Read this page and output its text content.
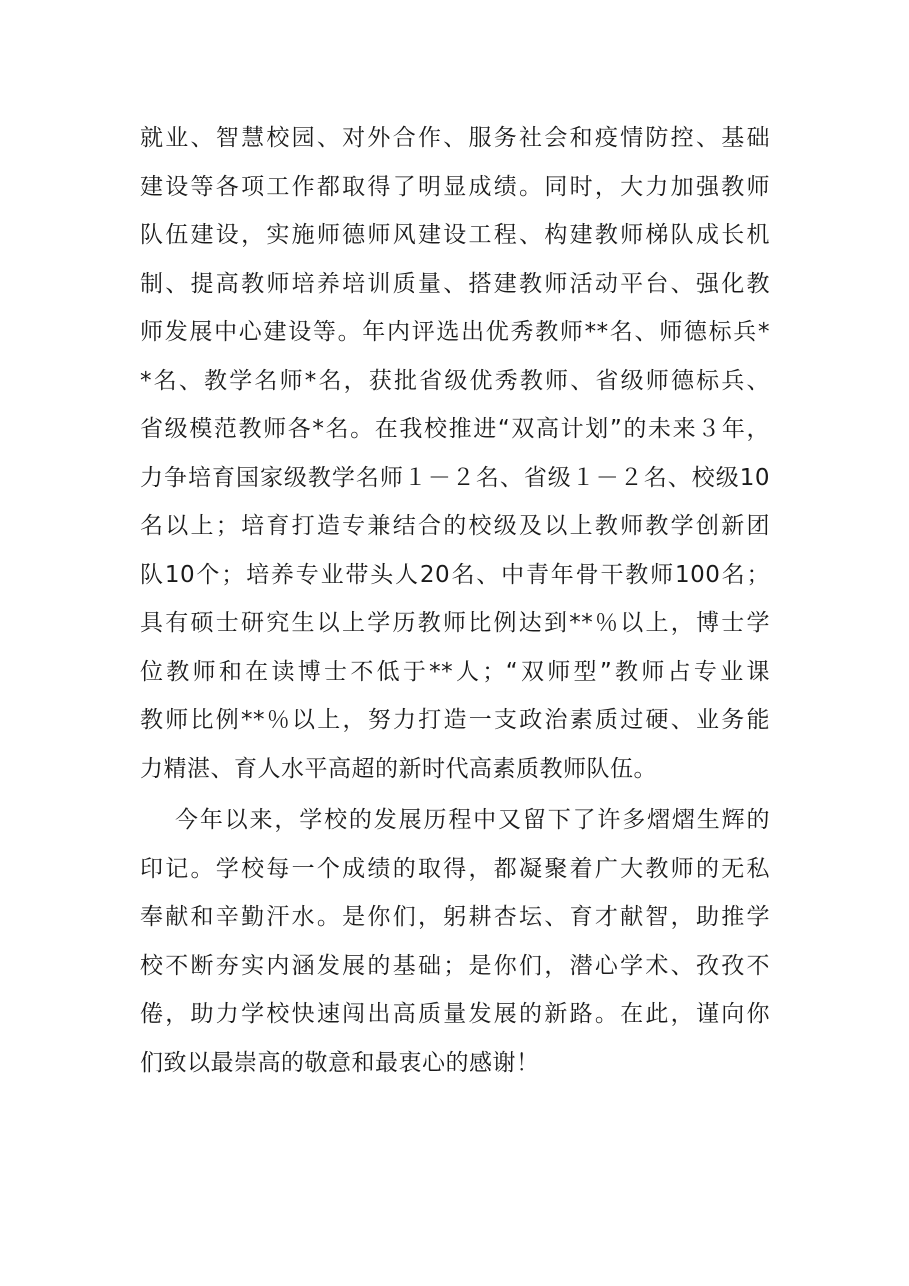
就业、智慧校园、对外合作、服务社会和疫情防控、基础
建设等各项工作都取得了明显成绩。同时，大力加强教师
队伍建设，实施师德师风建设工程、构建教师梯队成长机
制、提高教师培养培训质量、搭建教师活动平台、强化教
师发展中心建设等。年内评选出优秀教师**名、师德标兵*
*名、教学名师*名，获批省级优秀教师、省级师德标兵、
省级模范教师各*名。在我校推进“双高计划”的未来３年，
力争培育国家级教学名师１－２名、省级１－２名、校级10
名以上；培育打造专兼结合的校级及以上教师教学创新团
队10个；培养专业带头人20名、中青年骨干教师100名；
具有硕士研究生以上学历教师比例达到**％以上，博士学
位教师和在读博士不低于**人；“双师型”教师占专业课
教师比例**％以上，努力打造一支政治素质过硬、业务能
力精湛、育人水平高超的新时代高素质教师队伍。
今年以来，学校的发展历程中又留下了许多熠熠生辉的
印记。学校每一个成绩的取得，都凝聚着广大教师的无私
奉献和辛勤汗水。是你们，躬耕杏坛、育才献智，助推学
校不断夯实内涵发展的基础；是你们，潜心学术、孜孜不
倦，助力学校快速闯出高质量发展的新路。在此，谨向你
们致以最崇高的敬意和最衷心的感谢！
